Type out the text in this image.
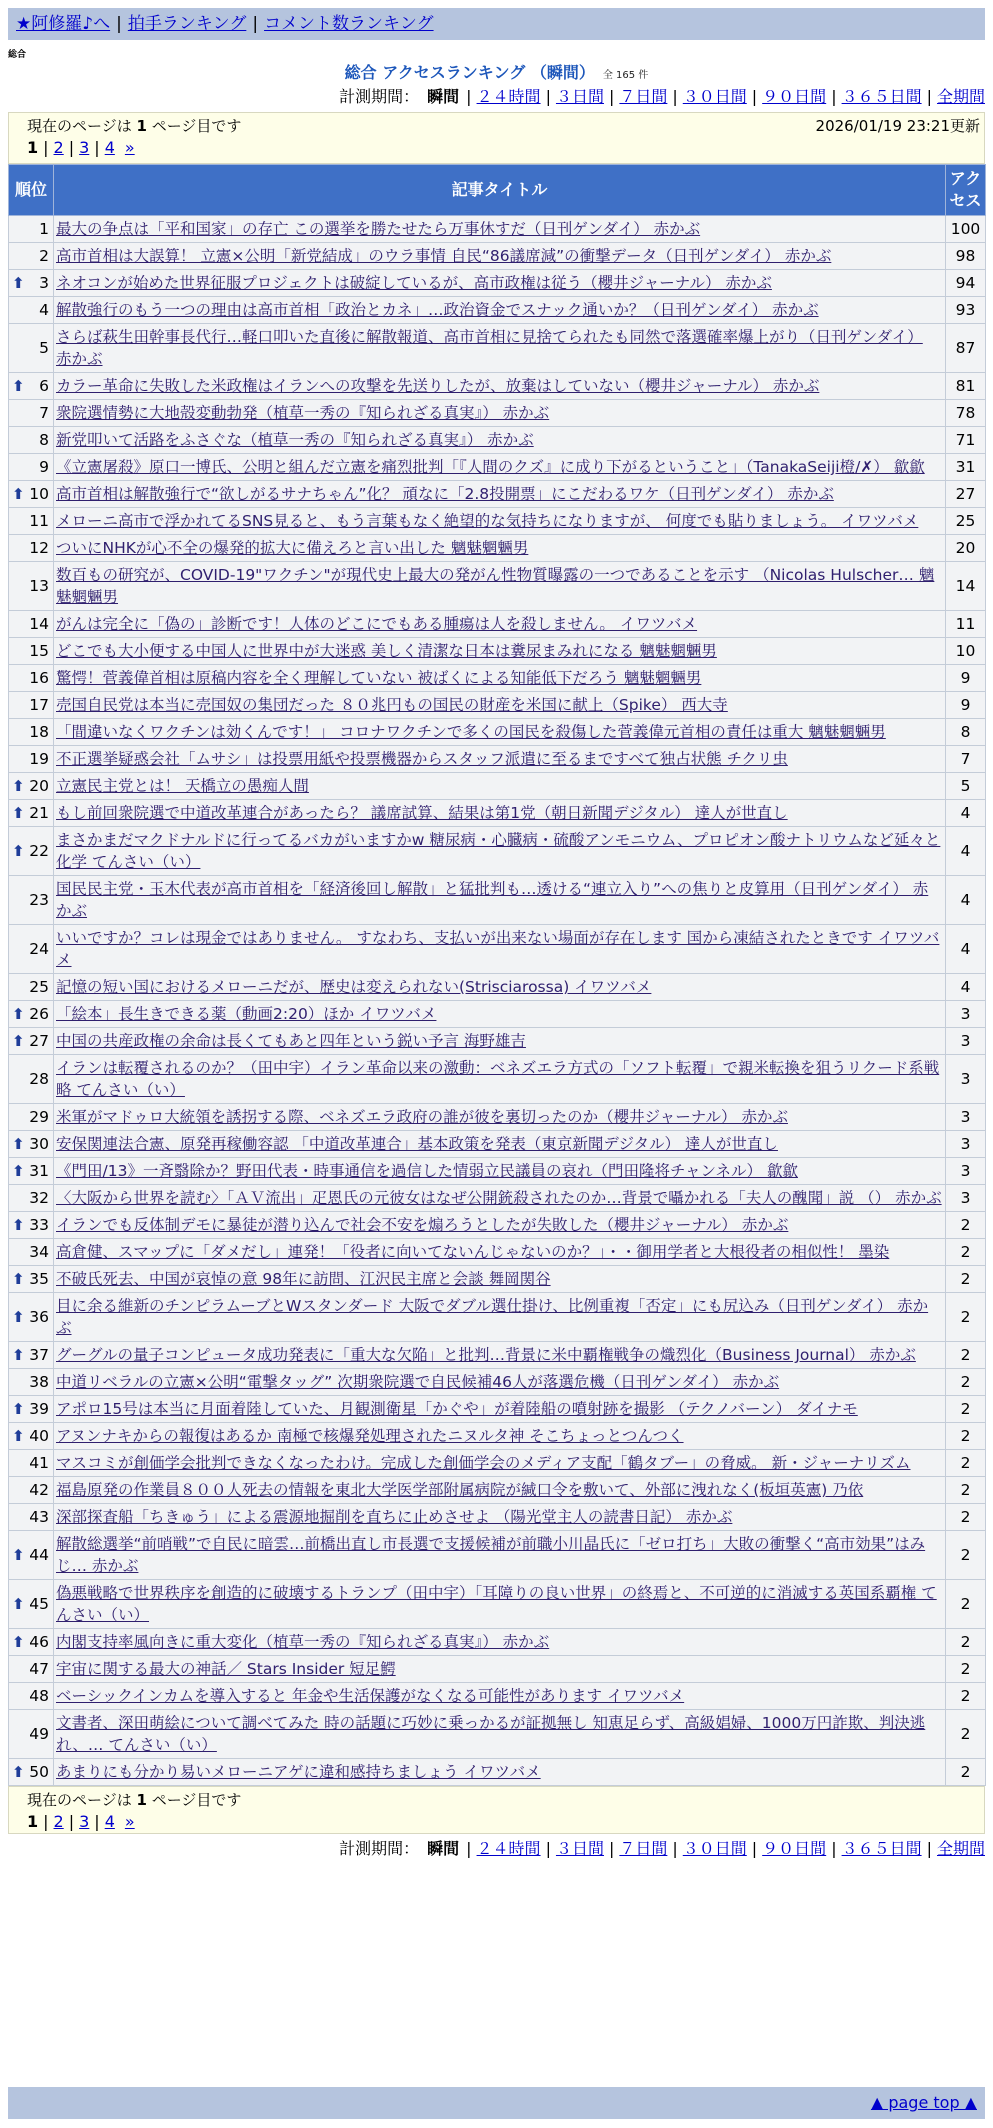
★阿修羅♪へ | 拍手ランキング | コメント数ランキング
総合
総合 アクセスランキング （瞬間） 全 165 件
計測期間： 瞬間 | ２４時間 | ３日間 | ７日間 | ３０日間 | ９０日間 | ３６５日間 | 全期間
現在のページは 1 ページ目です	2026/01/19 23:21更新
1 | 2 | 3 | 4 »
順位	記事タイトル	アクセス
1	最大の争点は「平和国家」の存亡 この選挙を勝たせたら万事休すだ（日刊ゲンダイ） 赤かぶ	100
2	高市首相は大誤算！ 立憲×公明「新党結成」のウラ事情 自民“86議席減”の衝撃データ（日刊ゲンダイ） 赤かぶ	98

⬆ 3	ネオコンが始めた世界征服プロジェクトは破綻しているが、高市政権は従う（櫻井ジャーナル） 赤かぶ	94
4	解散強行のもう一つの理由は高市首相「政治とカネ」…政治資金でスナック通いか？（日刊ゲンダイ） 赤かぶ	93
5	さらば萩生田幹事長代行…軽口叩いた直後に解散報道、高市首相に見捨てられたも同然で落選確率爆上がり（日刊ゲンダイ） 赤かぶ	87

⬆ 6	カラー革命に失敗した米政権はイランへの攻撃を先送りしたが、放棄はしていない（櫻井ジャーナル） 赤かぶ	81
7	衆院選情勢に大地殻変動勃発（植草一秀の『知られざる真実』） 赤かぶ	78
8	新党叩いて活路をふさぐな（植草一秀の『知られざる真実』） 赤かぶ	71
9	《立憲屠殺》原口一博氏、公明と組んだ立憲を痛烈批判「『人間のクズ』に成り下がるということ」（TanakaSeiji橙/✗） 歙歙	31

⬆ 10	高市首相は解散強行で“欲しがるサナちゃん”化？ 頑なに「2.8投開票」にこだわるワケ（日刊ゲンダイ） 赤かぶ	27
11	メローニ高市で浮かれてるSNS見ると、もう言葉もなく絶望的な気持ちになりますが、 何度でも貼りましょう。 イワツバメ	25
12	ついにNHKが心不全の爆発的拡大に備えろと言い出した 魑魅魍魎男	20
13	数百もの研究が、COVID-19"ワクチン"が現代史上最大の発がん性物質曝露の一つであることを示す （Nicolas Hulscher… 魑魅魍魎男	14
14	がんは完全に「偽の」診断です！人体のどこにでもある腫瘍は人を殺しません。 イワツバメ	11
15	どこでも大小便する中国人に世界中が大迷惑 美しく清潔な日本は糞尿まみれになる 魑魅魍魎男	10
16	驚愕！菅義偉首相は原稿内容を全く理解していない 被ばくによる知能低下だろう 魑魅魍魎男	9
17	売国自民党は本当に売国奴の集団だった ８０兆円もの国民の財産を米国に献上（Spike） 西大寺	9
18	「間違いなくワクチンは効くんです！」 コロナワクチンで多くの国民を殺傷した菅義偉元首相の責任は重大 魑魅魍魎男	8
19	不正選挙疑惑会社「ムサシ」は投票用紙や投票機器からスタッフ派遣に至るまですべて独占状態 チクリ虫	7

⬆ 20	立憲民主党とは！ 天橋立の愚痴人間	5

⬆ 21	もし前回衆院選で中道改革連合があったら？ 議席試算、結果は第1党（朝日新聞デジタル） 達人が世直し	4

⬆ 22	まさかまだマクドナルドに行ってるバカがいますかw 糖尿病・心臓病・硫酸アンモニウム、プロピオン酸ナトリウムなど延々と化学 てんさい（い）	4
23	国民民主党・玉木代表が高市首相を「経済後回し解散」と猛批判も…透ける“連立入り”への焦りと皮算用（日刊ゲンダイ） 赤かぶ	4
24	いいですか？コレは現金ではありません。 すなわち、支払いが出来ない場面が存在します 国から凍結されたときです イワツバメ	4
25	記憶の短い国におけるメローニだが、歴史は変えられない(Strisciarossa) イワツバメ	4

⬆ 26	「絵本」長生きできる薬（動画2:20）ほか イワツバメ	3

⬆ 27	中国の共産政権の余命は長くてもあと四年という鋭い予言 海野雄吉	3
28	イランは転覆されるのか？（田中宇）イラン革命以来の激動：ベネズエラ方式の「ソフト転覆」で親米転換を狙うリクード系戦略 てんさい（い）	3
29	米軍がマドゥロ大統領を誘拐する際、ベネズエラ政府の誰が彼を裏切ったのか（櫻井ジャーナル） 赤かぶ	3

⬆ 30	安保関連法合憲、原発再稼働容認 「中道改革連合」基本政策を発表（東京新聞デジタル） 達人が世直し	3

⬆ 31	《門田/13》一斉翳除か？野田代表・時事通信を過信した情弱立民議員の哀れ（門田隆将チャンネル） 歙歙	3
32	〈大阪から世界を読む〉「ＡＶ流出」疋恩氏の元彼女はなぜ公開銃殺されたのか…背景で囁かれる「夫人の醜聞」説 （） 赤かぶ	3

⬆ 33	イランでも反体制デモに暴徒が潜り込んで社会不安を煽ろうとしたが失敗した（櫻井ジャーナル） 赤かぶ	2
34	高倉健、スマップに「ダメだし」連発！「役者に向いてないんじゃないのか？」・・御用学者と大根役者の相似性！ 墨染	2

⬆ 35	不破氏死去、中国が哀悼の意 98年に訪問、江沢民主席と会談 舞岡関谷	2

⬆ 36	目に余る維新のチンピラムーブとWスタンダード 大阪でダブル選仕掛け、比例重複「否定」にも尻込み（日刊ゲンダイ） 赤かぶ	2

⬆ 37	グーグルの量子コンピュータ成功発表に「重大な欠陥」と批判…背景に米中覇権戦争の熾烈化（Business Journal） 赤かぶ	2
38	中道リベラルの立憲×公明“電撃タッグ” 次期衆院選で自民候補46人が落選危機（日刊ゲンダイ） 赤かぶ	2

⬆ 39	アポロ15号は本当に月面着陸していた、月観測衛星「かぐや」が着陸船の噴射跡を撮影 （テクノバーン） ダイナモ	2

⬆ 40	アヌンナキからの報復はあるか 南極で核爆発処理されたニヌルタ神 そこちょっとつんつく	2
41	マスコミが創価学会批判できなくなったわけ。完成した創価学会のメディア支配「鶴タブー」の脅威。 新・ジャーナリズム	2
42	福島原発の作業員８００人死去の情報を東北大学医学部附属病院が緘口令を敷いて、外部に洩れなく(板垣英憲) 乃依	2
43	深部探査船「ちきゅう」による震源地掘削を直ちに止めさせよ （陽光堂主人の読書日記） 赤かぶ	2

⬆ 44	解散総選挙“前哨戦”で自民に暗雲…前橋出直し市長選で支援候補が前職小川晶氏に「ゼロ打ち」大敗の衝撃く“高市効果”はみじ… 赤かぶ	2

⬆ 45	偽悪戦略で世界秩序を創造的に破壊するトランプ（田中宇）「耳障りの良い世界」の終焉と、不可逆的に消滅する英国系覇権 てんさい（い）	2

⬆ 46	内閣支持率風向きに重大変化（植草一秀の『知られざる真実』） 赤かぶ	2
47	宇宙に関する最大の神話／ Stars Insider 短足鰐	2
48	ベーシックインカムを導入すると 年金や生活保護がなくなる可能性があります イワツバメ	2
49	文書者、深田萌絵について調べてみた 時の話題に巧妙に乗っかるが証拠無し 知恵足らず、高級娼婦、1000万円詐欺、判決逃れ、… てんさい（い）	2

⬆ 50	あまりにも分かり易いメローニアゲに違和感持ちましょう イワツバメ	2
現在のページは 1 ページ目です
1 | 2 | 3 | 4 »
計測期間： 瞬間 | ２４時間 | ３日間 | ７日間 | ３０日間 | ９０日間 | ３６５日間 | 全期間
▲ page top ▲
